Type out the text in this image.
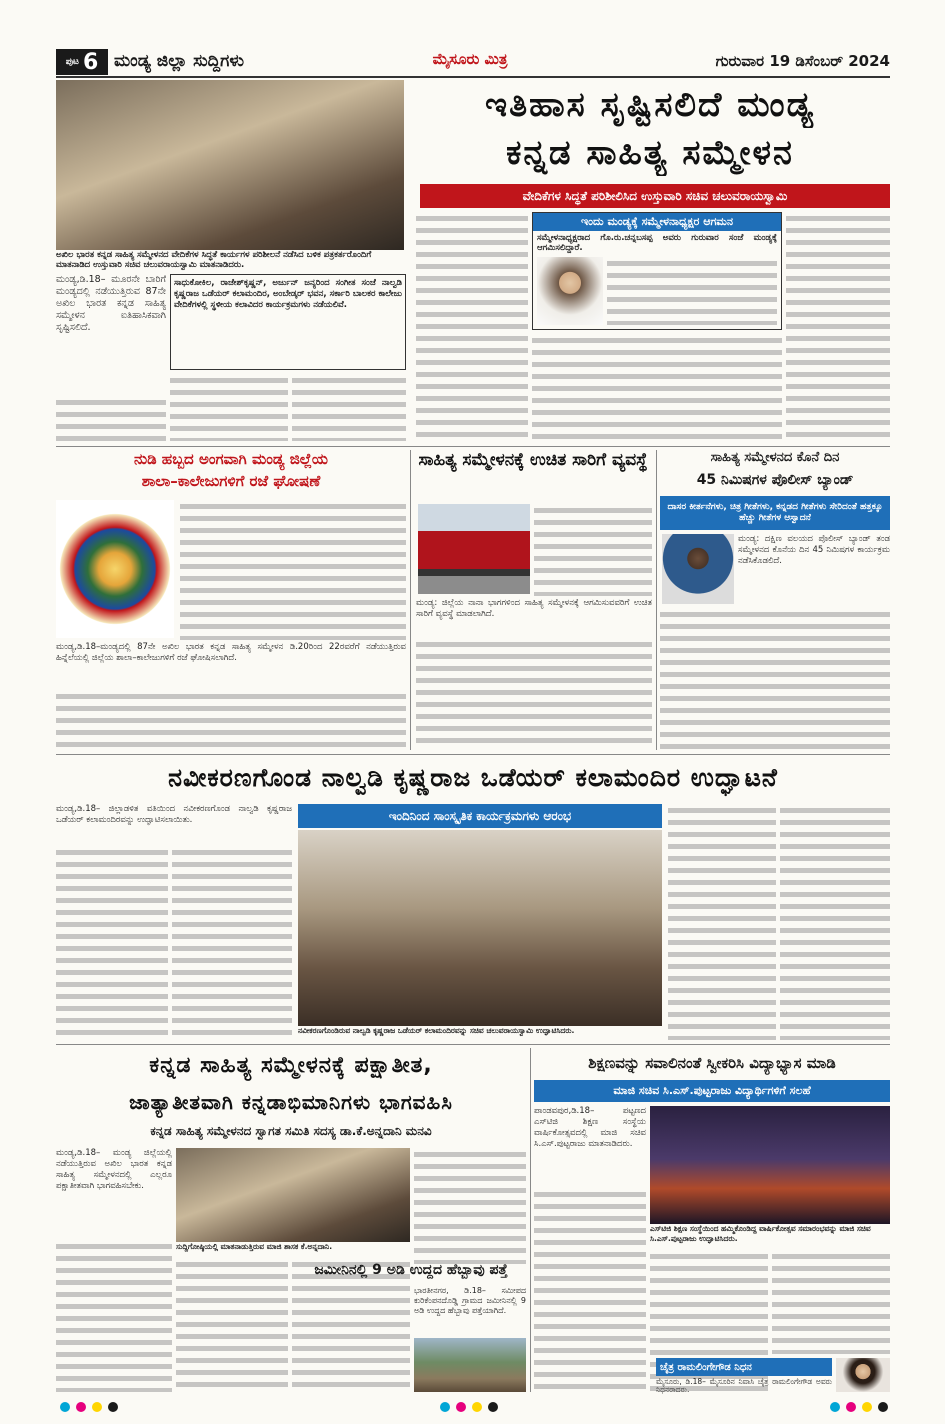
ಪುಟ 6 ಮಂಡ್ಯ ಜಿಲ್ಲಾ ಸುದ್ದಿಗಳು	ಮೈಸೂರು ಮಿತ್ರ	ಗುರುವಾರ 19 ಡಿಸೆಂಬರ್ 2024
ಅಖಿಲ ಭಾರತ ಕನ್ನಡ ಸಾಹಿತ್ಯ ಸಮ್ಮೇಳನದ ವೇದಿಕೆಗಳ ಸಿದ್ಧತೆ ಕಾರ್ಯಗಳ ಪರಿಶೀಲನೆ ನಡೆಸಿದ ಬಳಿಕ ಪತ್ರಕರ್ತರೊಂದಿಗೆ ಮಾತನಾಡಿದ ಉಸ್ತುವಾರಿ ಸಚಿವ ಚಲುವರಾಯಸ್ವಾಮಿ ಮಾತನಾಡಿದರು.
ಇತಿಹಾಸ ಸೃಷ್ಟಿಸಲಿದೆ ಮಂಡ್ಯ
ಕನ್ನಡ ಸಾಹಿತ್ಯ ಸಮ್ಮೇಳನ
ವೇದಿಕೆಗಳ ಸಿದ್ಧತೆ ಪರಿಶೀಲಿಸಿದ ಉಸ್ತುವಾರಿ ಸಚಿವ ಚಲುವರಾಯಸ್ವಾಮಿ
ಮಂಡ್ಯ,ಡಿ.18– ಮೂರನೇ ಬಾರಿಗೆ ಮಂಡ್ಯದಲ್ಲಿ ನಡೆಯುತ್ತಿರುವ 87ನೇ ಅಖಿಲ ಭಾರತ ಕನ್ನಡ ಸಾಹಿತ್ಯ ಸಮ್ಮೇಳನ ಐತಿಹಾಸಿಕವಾಗಿ ಸೃಷ್ಟಿಸಲಿದೆ.
ಸಾಧುಕೋಕಿಲ, ರಾಜೇಶ್‌ಕೃಷ್ಣನ್, ಅರ್ಜುನ್ ಜನ್ಯರಿಂದ ಸಂಗೀತ ಸಂಜೆ ನಾಲ್ವಡಿ ಕೃಷ್ಣರಾಜ ಒಡೆಯರ್ ಕಲಾಮಂದಿರ, ಅಂಬೇಡ್ಕರ್ ಭವನ, ಸರ್ಕಾರಿ ಬಾಲಕರ ಕಾಲೇಜು ವೇದಿಕೆಗಳಲ್ಲಿ ಸ್ಥಳೀಯ ಕಲಾವಿದರ ಕಾರ್ಯಕ್ರಮಗಳು ನಡೆಯಲಿವೆ.
ಇಂದು ಮಂಡ್ಯಕ್ಕೆ ಸಮ್ಮೇಳನಾಧ್ಯಕ್ಷರ ಆಗಮನ
ಸಮ್ಮೇಳನಾಧ್ಯಕ್ಷರಾದ ಗೊ.ರು.ಚನ್ನಬಸಪ್ಪ ಅವರು ಗುರುವಾರ ಸಂಜೆ ಮಂಡ್ಯಕ್ಕೆ ಆಗಮಿಸಲಿದ್ದಾರೆ.
ನುಡಿ ಹಬ್ಬದ ಅಂಗವಾಗಿ ಮಂಡ್ಯ ಜಿಲ್ಲೆಯ
ಶಾಲಾ–ಕಾಲೇಜುಗಳಿಗೆ ರಜೆ ಘೋಷಣೆ
ಮಂಡ್ಯ,ಡಿ.18–ಮಂಡ್ಯದಲ್ಲಿ 87ನೇ ಅಖಿಲ ಭಾರತ ಕನ್ನಡ ಸಾಹಿತ್ಯ ಸಮ್ಮೇಳನ ಡಿ.20ರಿಂದ 22ರವರೆಗೆ ನಡೆಯುತ್ತಿರುವ ಹಿನ್ನೆಲೆಯಲ್ಲಿ ಜಿಲ್ಲೆಯ ಶಾಲಾ–ಕಾಲೇಜುಗಳಿಗೆ ರಜೆ ಘೋಷಿಸಲಾಗಿದೆ.
ಸಾಹಿತ್ಯ ಸಮ್ಮೇಳನಕ್ಕೆ ಉಚಿತ ಸಾರಿಗೆ ವ್ಯವಸ್ಥೆ
ಮಂಡ್ಯ: ಜಿಲ್ಲೆಯ ನಾನಾ ಭಾಗಗಳಿಂದ ಸಾಹಿತ್ಯ ಸಮ್ಮೇಳನಕ್ಕೆ ಆಗಮಿಸುವವರಿಗೆ ಉಚಿತ ಸಾರಿಗೆ ವ್ಯವಸ್ಥೆ ಮಾಡಲಾಗಿದೆ.
ಸಾಹಿತ್ಯ ಸಮ್ಮೇಳನದ ಕೊನೆ ದಿನ
45 ನಿಮಿಷಗಳ ಪೊಲೀಸ್ ಬ್ಯಾಂಡ್
ದಾಸರ ಕೀರ್ತನೆಗಳು, ಚಿತ್ರ ಗೀತೆಗಳು, ಕನ್ನಡದ ಗೀತೆಗಳು ಸೇರಿದಂತೆ ಹತ್ತಕ್ಕೂ ಹೆಚ್ಚು ಗೀತೆಗಳ ಆಸ್ವಾದನೆ
ಮಂಡ್ಯ: ದಕ್ಷಿಣ ವಲಯದ ಪೊಲೀಸ್ ಬ್ಯಾಂಡ್ ತಂಡ ಸಮ್ಮೇಳನದ ಕೊನೆಯ ದಿನ 45 ನಿಮಿಷಗಳ ಕಾರ್ಯಕ್ರಮ ನಡೆಸಿಕೊಡಲಿದೆ.
ನವೀಕರಣಗೊಂಡ ನಾಲ್ವಡಿ ಕೃಷ್ಣರಾಜ ಒಡೆಯರ್ ಕಲಾಮಂದಿರ ಉದ್ಘಾಟನೆ
ಮಂಡ್ಯ,ಡಿ.18– ಜಿಲ್ಲಾಡಳಿತ ವತಿಯಿಂದ ನವೀಕರಣಗೊಂಡ ನಾಲ್ವಡಿ ಕೃಷ್ಣರಾಜ ಒಡೆಯರ್ ಕಲಾಮಂದಿರವನ್ನು ಉದ್ಘಾಟಿಸಲಾಯಿತು.	ಇಂದಿನಿಂದ ಸಾಂಸ್ಕೃತಿಕ ಕಾರ್ಯಕ್ರಮಗಳು ಆರಂಭ
ನವೀಕರಣಗೊಂಡಿರುವ ನಾಲ್ವಡಿ ಕೃಷ್ಣರಾಜ ಒಡೆಯರ್ ಕಲಾಮಂದಿರವನ್ನು ಸಚಿವ ಚಲುವರಾಯಸ್ವಾಮಿ ಉದ್ಘಾಟಿಸಿದರು.
ಕನ್ನಡ ಸಾಹಿತ್ಯ ಸಮ್ಮೇಳನಕ್ಕೆ ಪಕ್ಷಾತೀತ,
ಜಾತ್ಯಾತೀತವಾಗಿ ಕನ್ನಡಾಭಿಮಾನಿಗಳು ಭಾಗವಹಿಸಿ
ಕನ್ನಡ ಸಾಹಿತ್ಯ ಸಮ್ಮೇಳನದ ಸ್ವಾಗತ ಸಮಿತಿ ಸದಸ್ಯ ಡಾ.ಕೆ.ಅನ್ನದಾನಿ ಮನವಿ
ಮಂಡ್ಯ,ಡಿ.18– ಮಂಡ್ಯ ಜಿಲ್ಲೆಯಲ್ಲಿ ನಡೆಯುತ್ತಿರುವ ಅಖಿಲ ಭಾರತ ಕನ್ನಡ ಸಾಹಿತ್ಯ ಸಮ್ಮೇಳನದಲ್ಲಿ ಎಲ್ಲರೂ ಪಕ್ಷಾತೀತವಾಗಿ ಭಾಗವಹಿಸಬೇಕು.
ಸುದ್ದಿಗೋಷ್ಠಿಯಲ್ಲಿ ಮಾತನಾಡುತ್ತಿರುವ ಮಾಜಿ ಶಾಸಕ ಕೆ.ಅನ್ನದಾನಿ.
ಜಮೀನಿನಲ್ಲಿ 9 ಅಡಿ ಉದ್ದದ ಹೆಬ್ಬಾವು ಪತ್ತೆ
ಭಾರತೀನಗರ, ಡಿ.18– ಸಮೀಪದ ಕುರಿಕೆಂಪನದೊಡ್ಡಿ ಗ್ರಾಮದ ಜಮೀನಿನಲ್ಲಿ 9 ಅಡಿ ಉದ್ದದ ಹೆಬ್ಬಾವು ಪತ್ತೆಯಾಗಿದೆ.
ಶಿಕ್ಷಣವನ್ನು ಸವಾಲಿನಂತೆ ಸ್ವೀಕರಿಸಿ ವಿದ್ಯಾಭ್ಯಾಸ ಮಾಡಿ
ಮಾಜಿ ಸಚಿವ ಸಿ.ಎಸ್.ಪುಟ್ಟರಾಜು ವಿದ್ಯಾರ್ಥಿಗಳಿಗೆ ಸಲಹೆ
ಪಾಂಡವಪುರ,ಡಿ.18– ಪಟ್ಟಣದ ಎಸ್‌ಟಿಜಿ ಶಿಕ್ಷಣ ಸಂಸ್ಥೆಯ ವಾರ್ಷಿಕೋತ್ಸವದಲ್ಲಿ ಮಾಜಿ ಸಚಿವ ಸಿ.ಎಸ್.ಪುಟ್ಟರಾಜು ಮಾತನಾಡಿದರು.
ಎಸ್‌ಟಿಜಿ ಶಿಕ್ಷಣ ಸಂಸ್ಥೆಯಿಂದ ಹಮ್ಮಿಕೊಂಡಿದ್ದ ವಾರ್ಷಿಕೋತ್ಸವ ಸಮಾರಂಭವನ್ನು ಮಾಜಿ ಸಚಿವ ಸಿ.ಎಸ್.ಪುಟ್ಟರಾಜು ಉದ್ಘಾಟಿಸಿದರು.
ಚೈತ್ರ ರಾಮಲಿಂಗೇಗೌಡ ನಿಧನ
ಮೈಸೂರು, ಡಿ.18– ಮೈಸೂರಿನ ನಿವಾಸಿ ಚೈತ್ರ ರಾಮಲಿಂಗೇಗೌಡ ಅವರು ನಿಧನರಾದರು.
